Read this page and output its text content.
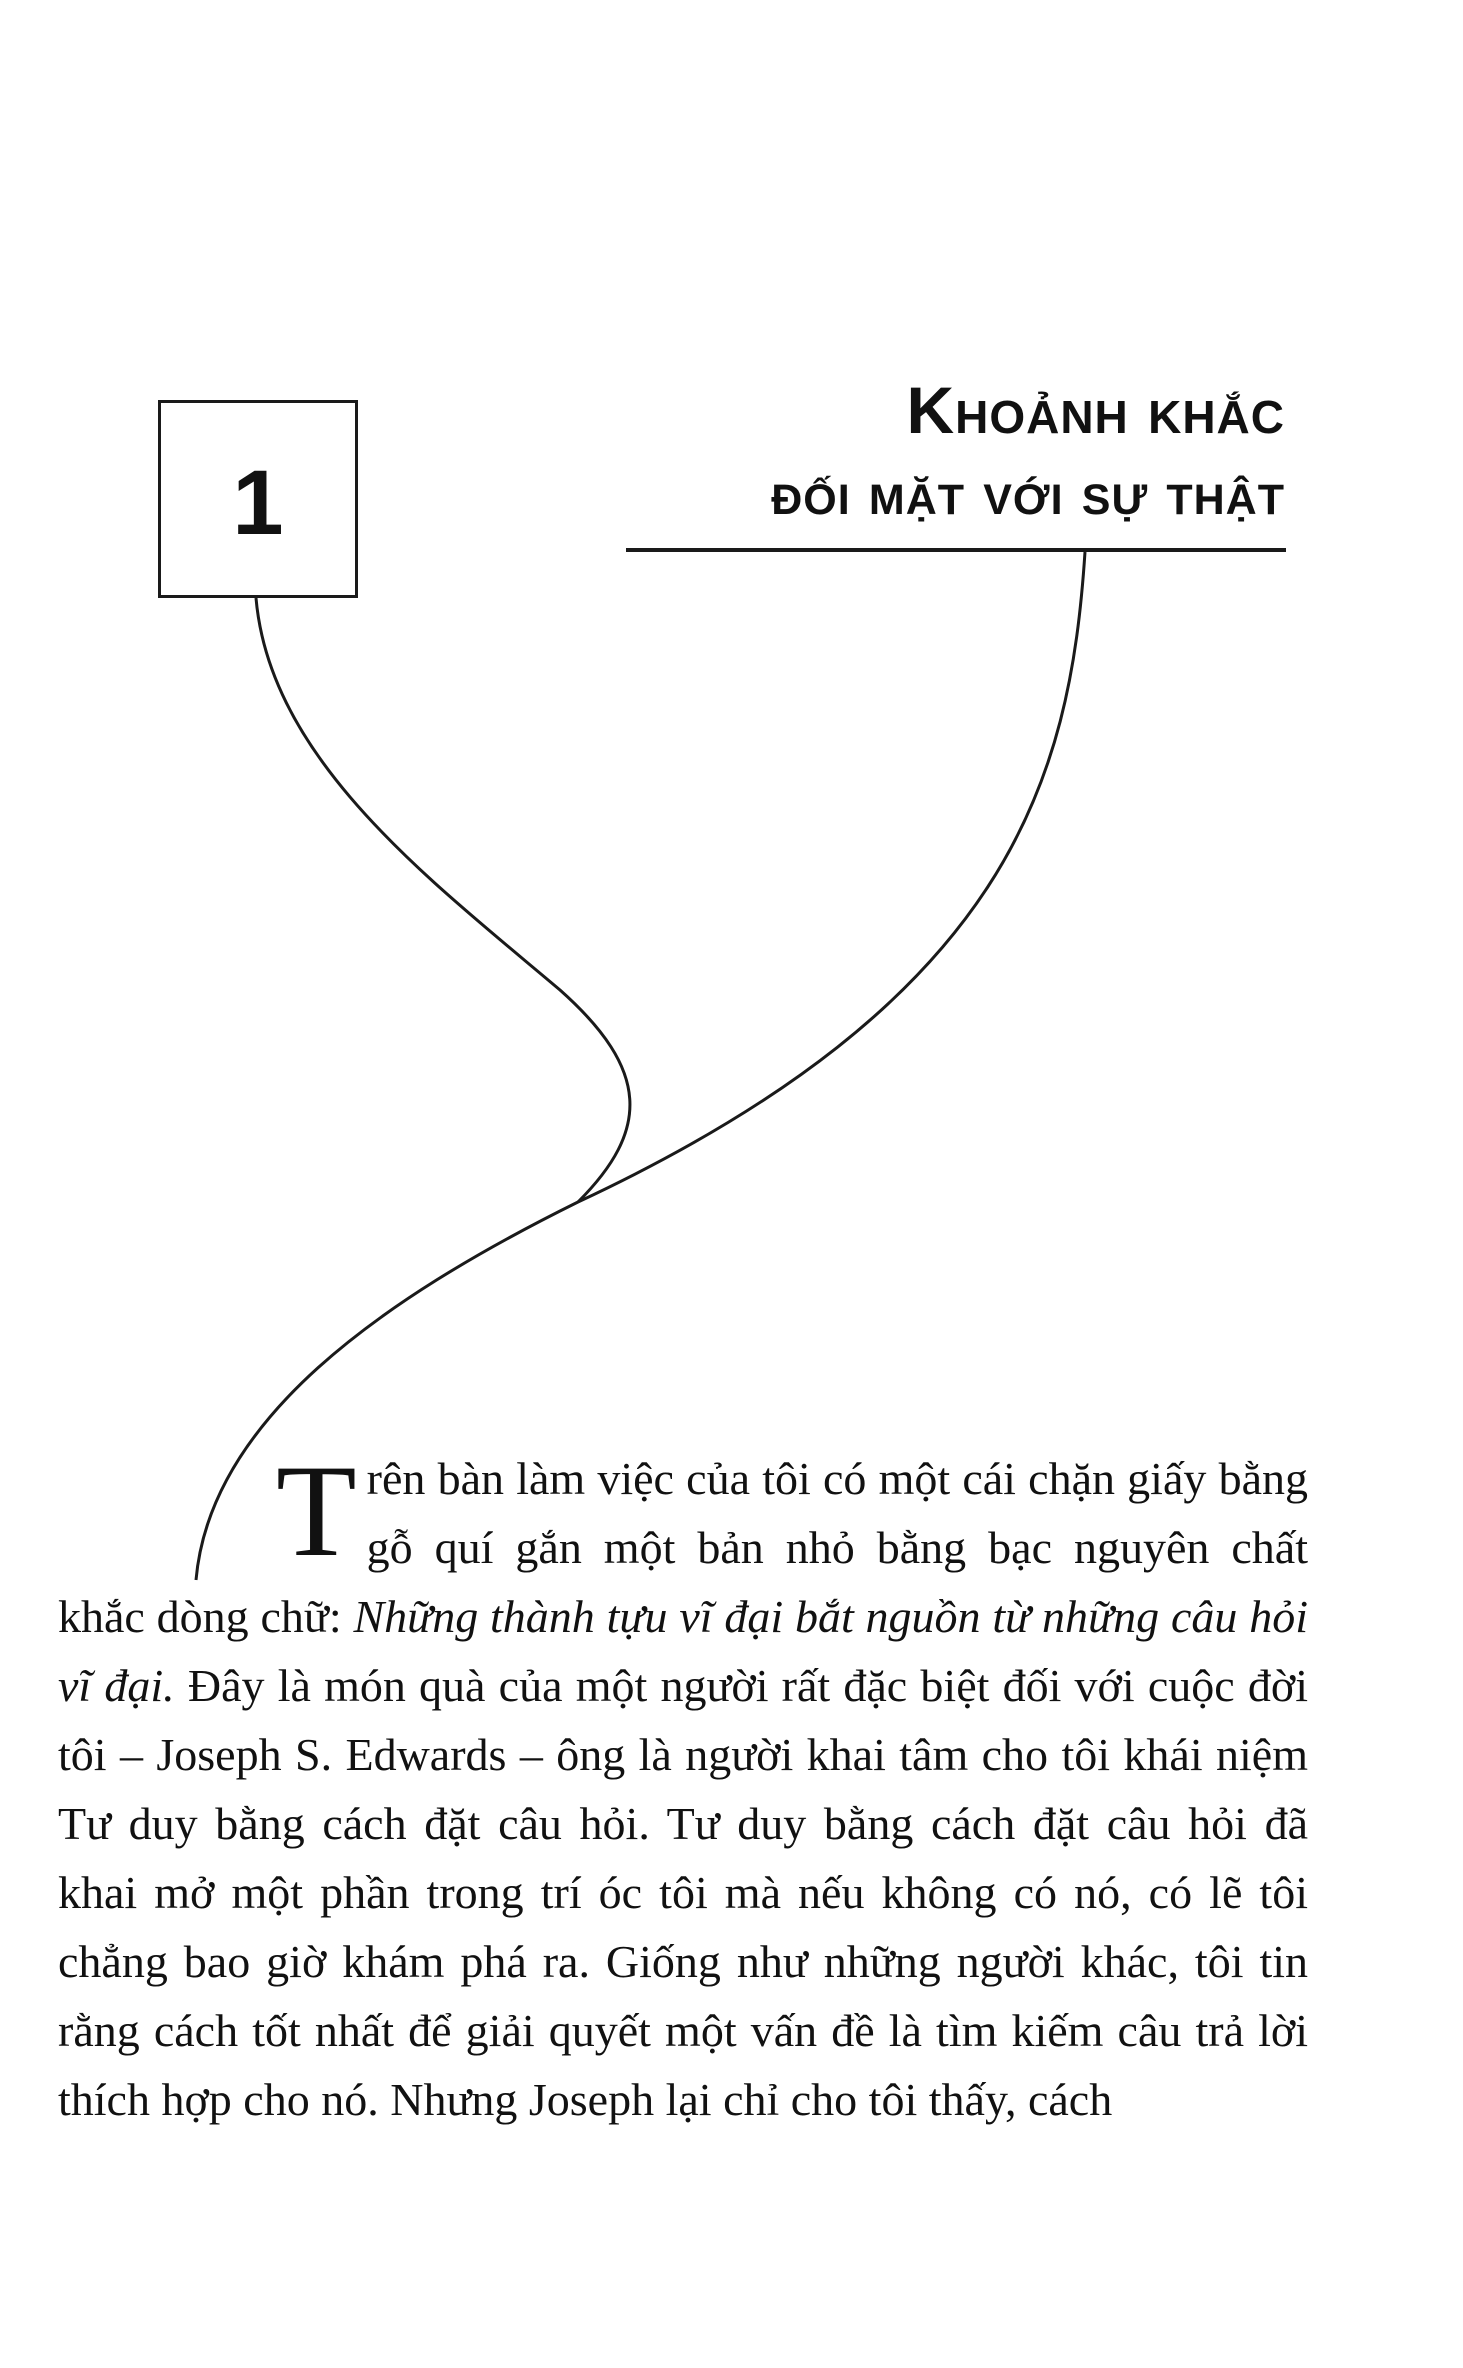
1
Khoảnh khắc
đối mặt với sự thật
Trên bàn làm việc của tôi có một cái chặn giấy bằng gỗ quí gắn một bản nhỏ bằng bạc nguyên chất khắc dòng chữ: Những thành tựu vĩ đại bắt nguồn từ những câu hỏi vĩ đại. Đây là món quà của một người rất đặc biệt đối với cuộc đời tôi – Joseph S. Edwards – ông là người khai tâm cho tôi khái niệm Tư duy bằng cách đặt câu hỏi. Tư duy bằng cách đặt câu hỏi đã khai mở một phần trong trí óc tôi mà nếu không có nó, có lẽ tôi chẳng bao giờ khám phá ra. Giống như những người khác, tôi tin rằng cách tốt nhất để giải quyết một vấn đề là tìm kiếm câu trả lời thích hợp cho nó. Nhưng Joseph lại chỉ cho tôi thấy, cách
